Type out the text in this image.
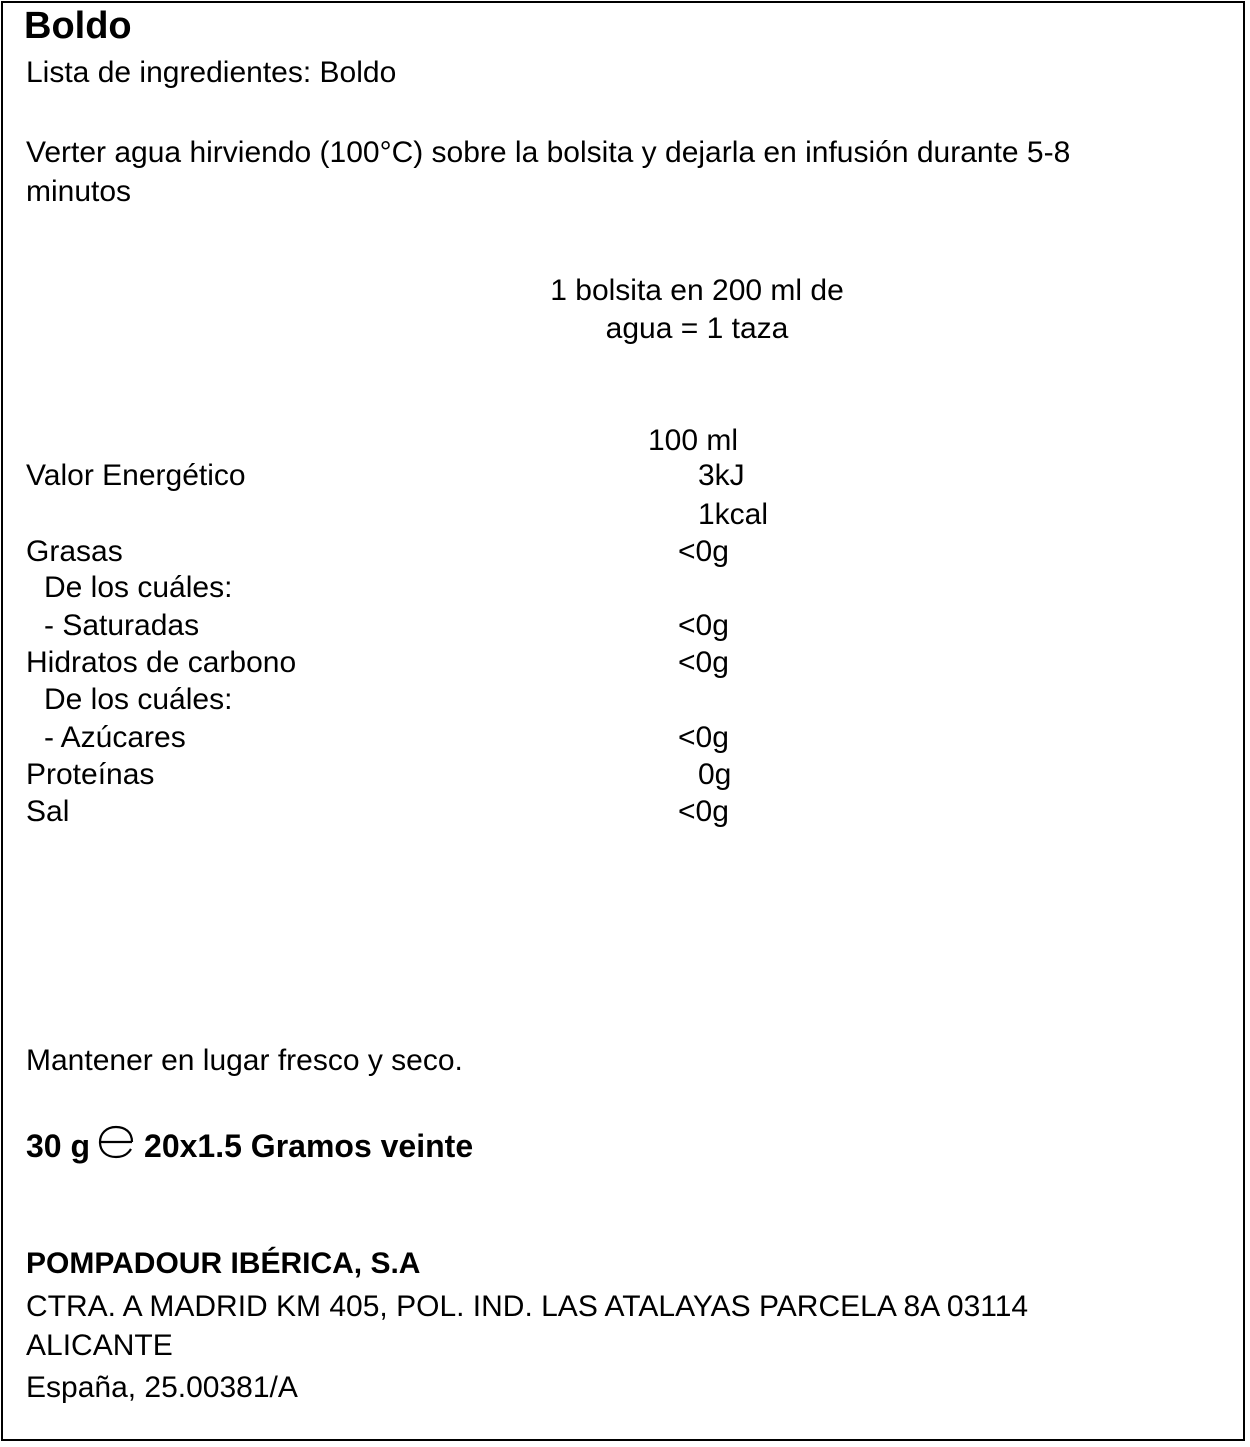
Boldo
Lista de ingredientes: Boldo
Verter agua hirviendo (100°C) sobre la bolsita y dejarla en infusión durante 5-8
minutos
1 bolsita en 200 ml de
agua = 1 taza
100 ml
Valor Energético	3kJ
1kcal
Grasas	<0g
De los cuáles:
- Saturadas	<0g
Hidratos de carbono	<0g
De los cuáles:
- Azúcares	<0g
Proteínas	0g
Sal	<0g
Mantener en lugar fresco y seco.
30 g 20x1.5 Gramos veinte
POMPADOUR IBÉRICA, S.A
CTRA. A MADRID KM 405, POL. IND. LAS ATALAYAS PARCELA 8A 03114
ALICANTE
España, 25.00381/A
